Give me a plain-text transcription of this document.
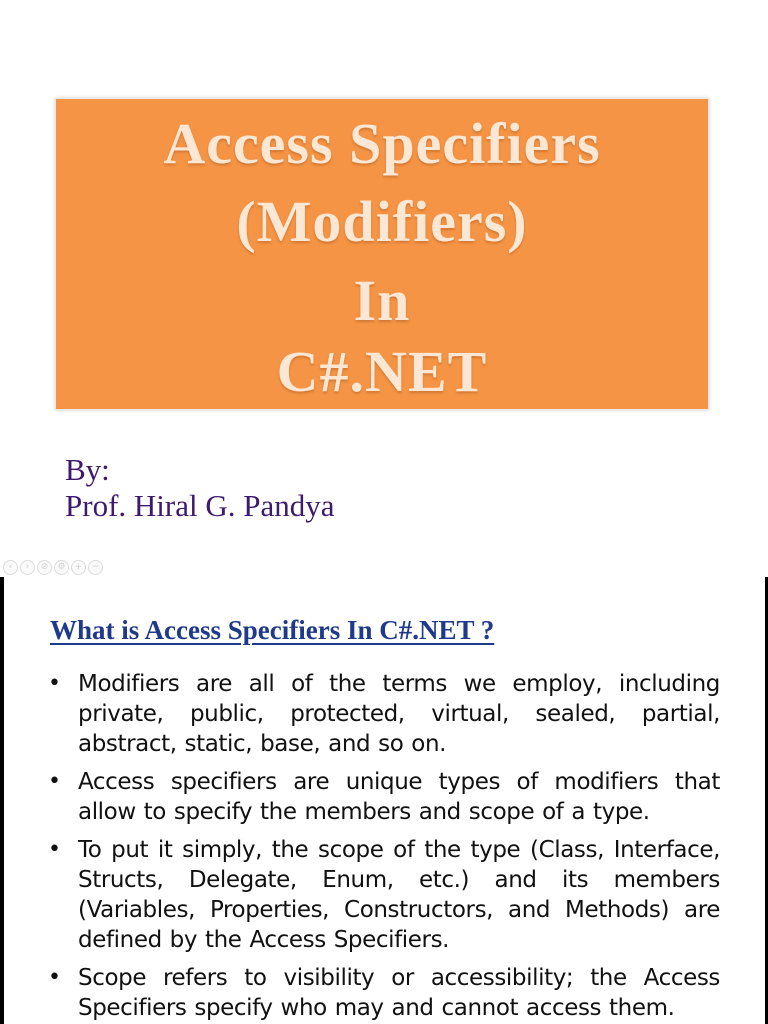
Access Specifiers
(Modifiers)
In
C#.NET
By:
Prof. Hiral G. Pandya
‹	›	⊘	⚙	+	−
What is Access Specifiers In C#.NET ?
• Modifiers are all of the terms we employ, including private, public, protected, virtual, sealed, partial, abstract, static, base, and so on.
• Access specifiers are unique types of modifiers that allow to specify the members and scope of a type.
• To put it simply, the scope of the type (Class, Interface, Structs, Delegate, Enum, etc.) and its members (Variables, Properties, Constructors, and Methods) are defined by the Access Specifiers.
• Scope refers to visibility or accessibility; the Access Specifiers specify who may and cannot access them.
